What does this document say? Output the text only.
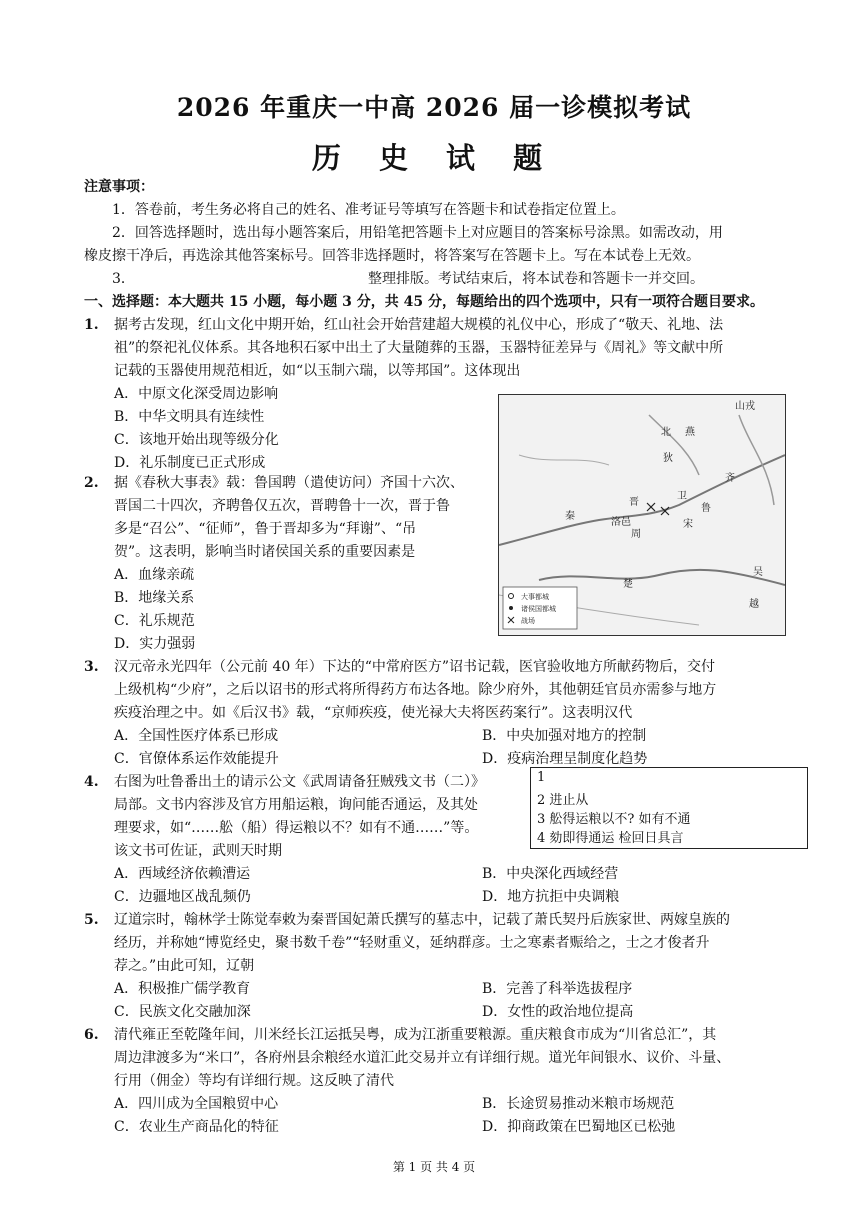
2026 年重庆一中高 2026 届一诊模拟考试
历 史 试 题
注意事项：
1．答卷前，考生务必将自己的姓名、准考证号等填写在答题卡和试卷指定位置上。
2．回答选择题时，选出每小题答案后，用铅笔把答题卡上对应题目的答案标号涂黑。如需改动，用
橡皮擦干净后，再选涂其他答案标号。回答非选择题时，将答案写在答题卡上。写在本试卷上无效。
3．	整理排版。考试结束后，将本试卷和答题卡一并交回。
一、选择题：本大题共 15 小题，每小题 3 分，共 45 分，每题给出的四个选项中，只有一项符合题目要求。
1. 据考古发现，红山文化中期开始，红山社会开始营建超大规模的礼仪中心，形成了“敬天、礼地、法
祖”的祭祀礼仪体系。其各地积石冢中出土了大量随葬的玉器，玉器特征差异与《周礼》等文献中所
记载的玉器使用规范相近，如“以玉制六瑞，以等邦国”。这体现出
A．中原文化深受周边影响
B．中华文明具有连续性
C．该地开始出现等级分化
D．礼乐制度已正式形成
山戎
北
狄
燕
齐
晋
卫
鲁
宋
秦
洛邑
周
楚
吴
越
大事都城
诸侯国都城
战场
2. 据《春秋大事表》载：鲁国聘（遣使访问）齐国十六次、
晋国二十四次，齐聘鲁仅五次，晋聘鲁十一次，晋于鲁
多是“召公”、“征师”，鲁于晋却多为“拜谢”、“吊
贺”。这表明，影响当时诸侯国关系的重要因素是
A．血缘亲疏
B．地缘关系
C．礼乐规范
D．实力强弱
3. 汉元帝永光四年（公元前 40 年）下达的“中常府医方”诏书记载，医官验收地方所献药物后，交付
上级机构“少府”，之后以诏书的形式将所得药方布达各地。除少府外，其他朝廷官员亦需参与地方
疾疫治理之中。如《后汉书》载，“京师疾疫，使光禄大夫将医药案行”。这表明汉代
A．全国性医疗体系已形成	B．中央加强对地方的控制
C．官僚体系运作效能提升	D．疫病治理呈制度化趋势
4. 右图为吐鲁番出土的请示公文《武周请备狂贼残文书（二）》
局部。文书内容涉及官方用船运粮，询问能否通运，及其处
理要求，如“……舩（船）得运粮以不？如有不通……”等。
该文书可佐证，武则天时期
1
2 进止从
3 舩得运粮以不? 如有不通
4 劾即得通运 检回日具言
A．西域经济依赖漕运	B．中央深化西域经营
C．边疆地区战乱频仍	D．地方抗拒中央调粮
5. 辽道宗时，翰林学士陈觉奉敕为秦晋国妃萧氏撰写的墓志中，记载了萧氏契丹后族家世、两嫁皇族的
经历，并称她“博览经史，聚书数千卷”“轻财重义，延纳群彦。士之寒素者赈给之，士之才俊者升
荐之。”由此可知，辽朝
A．积极推广儒学教育	B．完善了科举选拔程序
C．民族文化交融加深	D．女性的政治地位提高
6. 清代雍正至乾隆年间，川米经长江运抵吴粤，成为江浙重要粮源。重庆粮食市成为“川省总汇”，其
周边津渡多为“米口”，各府州县余粮经水道汇此交易并立有详细行规。道光年间银水、议价、斗量、
行用（佣金）等均有详细行规。这反映了清代
A．四川成为全国粮贸中心	B．长途贸易推动米粮市场规范
C．农业生产商品化的特征	D．抑商政策在巴蜀地区已松弛
第 1 页 共 4 页
